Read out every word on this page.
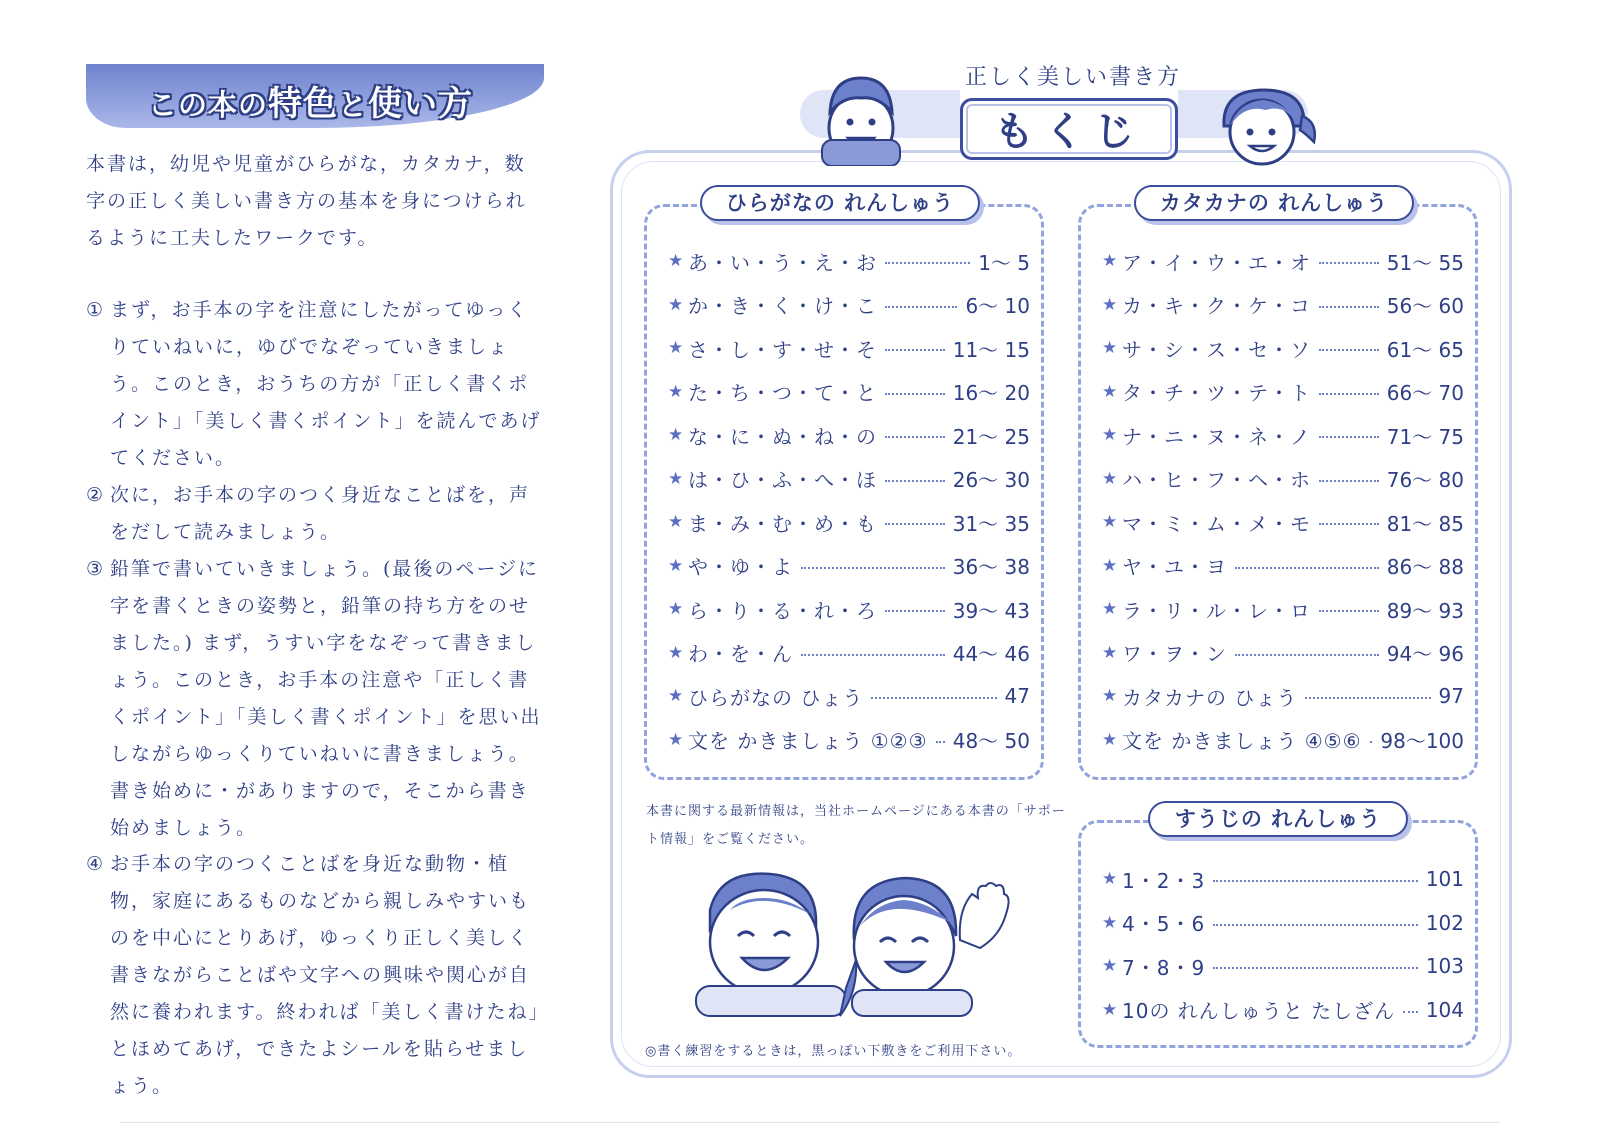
この本の特色と使い方
本書は，幼児や児童がひらがな，カタカナ，数字の正しく美しい書き方の基本を身につけられるように工夫したワークです。
① まず，お手本の字を注意にしたがってゆっくりていねいに，ゆびでなぞっていきましょう。このとき，おうちの方が「正しく書くポイント」「美しく書くポイント」を読んであげてください。
② 次に，お手本の字のつく身近なことばを，声をだして読みましょう。
③ 鉛筆で書いていきましょう。(最後のページに字を書くときの姿勢と，鉛筆の持ち方をのせました。) まず，うすい字をなぞって書きましょう。このとき，お手本の注意や「正しく書くポイント」「美しく書くポイント」を思い出しながらゆっくりていねいに書きましょう。書き始めに・がありますので，そこから書き始めましょう。
④ お手本の字のつくことばを身近な動物・植物，家庭にあるものなどから親しみやすいものを中心にとりあげ，ゆっくり正しく美しく書きながらことばや文字への興味や関心が自然に養われます。終われば「美しく書けたね」とほめてあげ，できたよシールを貼らせましょう。
正しく美しい書き方
もくじ
ひらがなの れんしゅう
★ あ・い・う・え・お	1〜 5
★ か・き・く・け・こ	6〜 10
★ さ・し・す・せ・そ	11〜 15
★ た・ち・つ・て・と	16〜 20
★ な・に・ぬ・ね・の	21〜 25
★ は・ひ・ふ・へ・ほ	26〜 30
★ ま・み・む・め・も	31〜 35
★ や・ゆ・よ	36〜 38
★ ら・り・る・れ・ろ	39〜 43
★ わ・を・ん	44〜 46
★ ひらがなの ひょう	47
★ 文を かきましょう ①②③ 48〜 50
カタカナの れんしゅう
★ ア・イ・ウ・エ・オ	51〜 55
★ カ・キ・ク・ケ・コ	56〜 60
★ サ・シ・ス・セ・ソ	61〜 65
★ タ・チ・ツ・テ・ト	66〜 70
★ ナ・ニ・ヌ・ネ・ノ	71〜 75
★ ハ・ヒ・フ・ヘ・ホ	76〜 80
★ マ・ミ・ム・メ・モ	81〜 85
★ ヤ・ユ・ヨ	86〜 88
★ ラ・リ・ル・レ・ロ	89〜 93
★ ワ・ヲ・ン	94〜 96
★ カタカナの ひょう	97
★ 文を かきましょう ④⑤⑥ 98〜100
すうじの れんしゅう
★ 1・2・3	101
★ 4・5・6	102
★ 7・8・9	103
★ 10の れんしゅうと たしざん 104
本書に関する最新情報は，当社ホームページにある本書の「サポート情報」をご覧ください。
◎書く練習をするときは，黒っぽい下敷きをご利用下さい。
